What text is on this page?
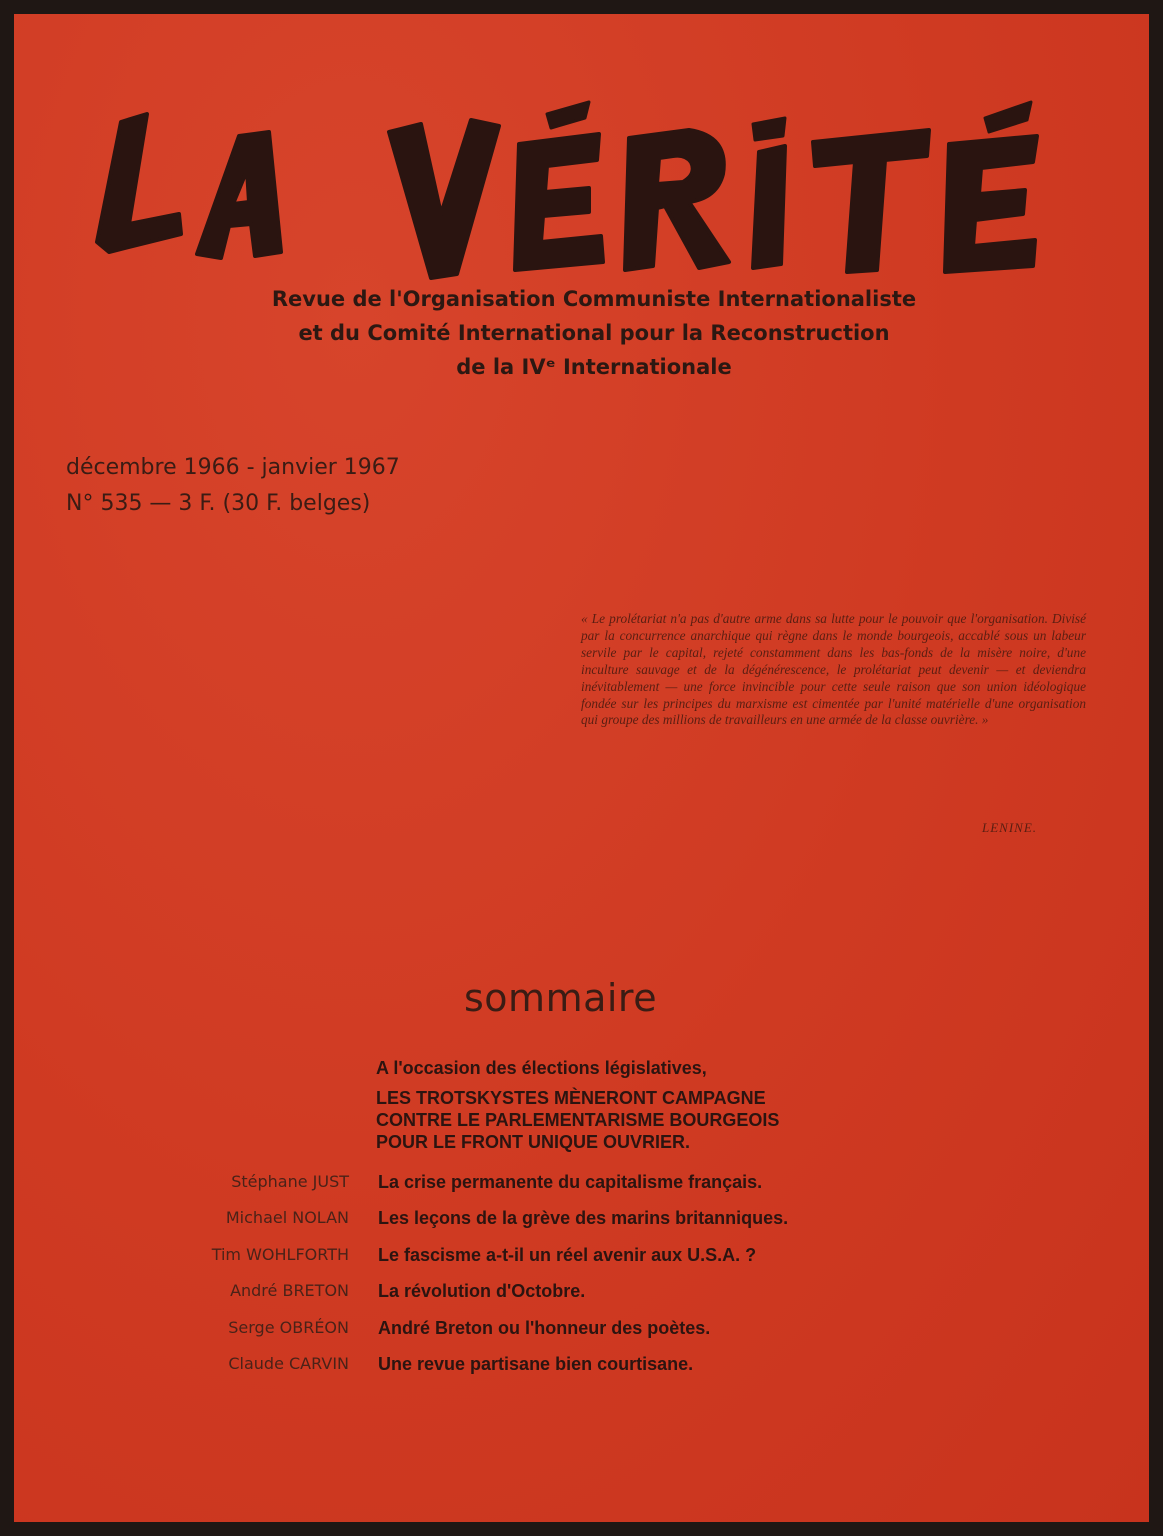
Revue de l'Organisation Communiste Internationaliste
et du Comité International pour la Reconstruction
de la IVᵉ Internationale
décembre 1966 - janvier 1967
N° 535 — 3 F. (30 F. belges)
« Le prolétariat n'a pas d'autre arme dans sa lutte pour le pouvoir que l'organisation. Divisé par la concurrence anarchique qui règne dans le monde bourgeois, accablé sous un labeur servile par le capital, rejeté constamment dans les bas-fonds de la misère noire, d'une inculture sauvage et de la dégénérescence, le prolétariat peut devenir — et deviendra inévitablement — une force invincible pour cette seule raison que son union idéologique fondée sur les principes du marxisme est cimentée par l'unité matérielle d'une organisation qui groupe des millions de travailleurs en une armée de la classe ouvrière. »
LENINE.
sommaire
A l'occasion des élections législatives,
LES TROTSKYSTES MÈNERONT CAMPAGNE
CONTRE LE PARLEMENTARISME BOURGEOIS
POUR LE FRONT UNIQUE OUVRIER.
Stéphane JUST La crise permanente du capitalisme français.
Michael NOLAN Les leçons de la grève des marins britanniques.
Tim WOHLFORTH Le fascisme a-t-il un réel avenir aux U.S.A. ?
André BRETON La révolution d'Octobre.
Serge OBRÉON André Breton ou l'honneur des poètes.
Claude CARVIN Une revue partisane bien courtisane.
